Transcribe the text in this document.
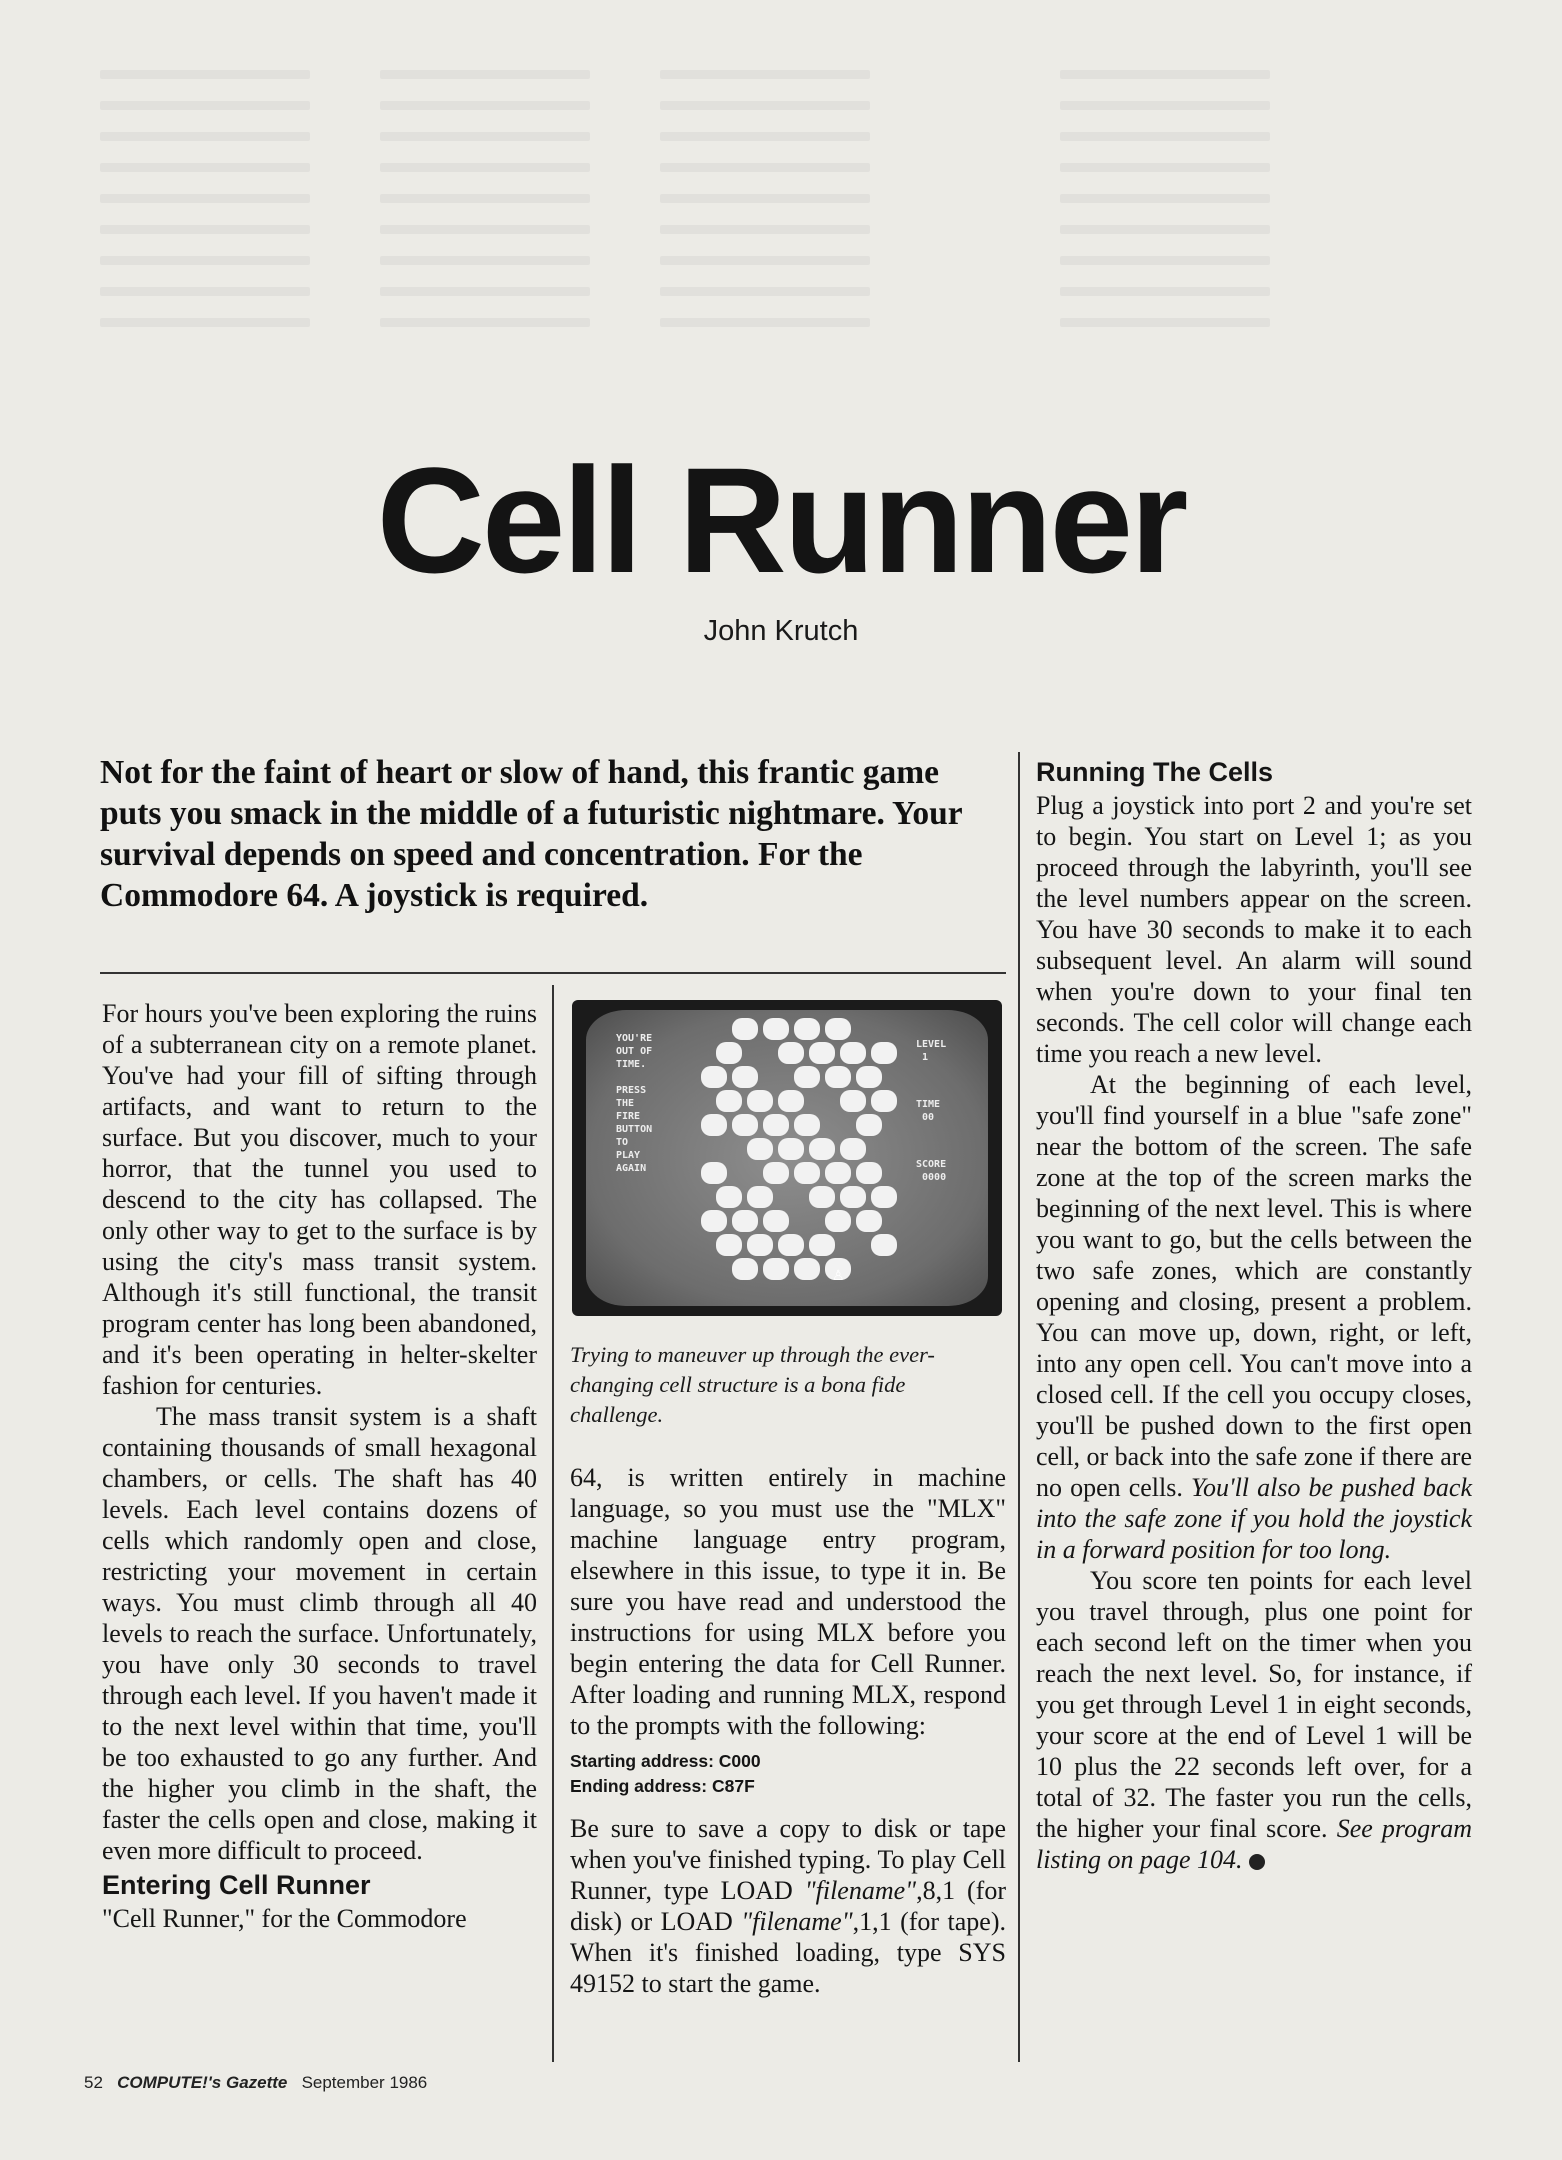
Cell Runner
John Krutch
Not for the faint of heart or slow of hand, this frantic game puts you smack in the middle of a futuristic nightmare. Your survival depends on speed and concentration. For the Commodore 64. A joystick is required.

For hours you've been exploring the ruins of a subterranean city on a remote planet. You've had your fill of sifting through artifacts, and want to return to the surface. But you discover, much to your horror, that the tunnel you used to descend to the city has collapsed. The only other way to get to the surface is by using the city's mass transit system. Although it's still functional, the transit program center has long been abandoned, and it's been operating in helter-skelter fashion for centuries.

The mass transit system is a shaft containing thousands of small hexagonal chambers, or cells. The shaft has 40 levels. Each level contains dozens of cells which randomly open and close, restricting your movement in certain ways. You must climb through all 40 levels to reach the surface. Unfortunately, you have only 30 seconds to travel through each level. If you haven't made it to the next level within that time, you'll be too exhausted to go any further. And the higher you climb in the shaft, the faster the cells open and close, making it even more difficult to proceed.

Entering Cell Runner

"Cell Runner," for the Commodore

YOU'RE
OUT OF
TIME.

PRESS
THE
FIRE
BUTTON
TO
PLAY
AGAIN
LEVEL
1
TIME
00
SCORE
0000
♙
Trying to maneuver up through the ever-changing cell structure is a bona fide challenge.

64, is written entirely in machine language, so you must use the "MLX" machine language entry program, elsewhere in this issue, to type it in. Be sure you have read and understood the instructions for using MLX before you begin entering the data for Cell Runner. After loading and running MLX, respond to the prompts with the following:

Starting address: C000
Ending address: C87F

Be sure to save a copy to disk or tape when you've finished typing. To play Cell Runner, type LOAD "filename",8,1 (for disk) or LOAD "filename",1,1 (for tape). When it's finished loading, type SYS 49152 to start the game.

Running The Cells

Plug a joystick into port 2 and you're set to begin. You start on Level 1; as you proceed through the labyrinth, you'll see the level numbers appear on the screen. You have 30 seconds to make it to each subsequent level. An alarm will sound when you're down to your final ten seconds. The cell color will change each time you reach a new level.

At the beginning of each level, you'll find yourself in a blue "safe zone" near the bottom of the screen. The safe zone at the top of the screen marks the beginning of the next level. This is where you want to go, but the cells between the two safe zones, which are constantly opening and closing, present a problem. You can move up, down, right, or left, into any open cell. You can't move into a closed cell. If the cell you occupy closes, you'll be pushed down to the first open cell, or back into the safe zone if there are no open cells. You'll also be pushed back into the safe zone if you hold the joystick in a forward position for too long.

You score ten points for each level you travel through, plus one point for each second left on the timer when you reach the next level. So, for instance, if you get through Level 1 in eight seconds, your score at the end of Level 1 will be 10 plus the 22 seconds left over, for a total of 32. The faster you run the cells, the higher your final score. See program listing on page 104.

52 COMPUTE!'s Gazette September 1986
